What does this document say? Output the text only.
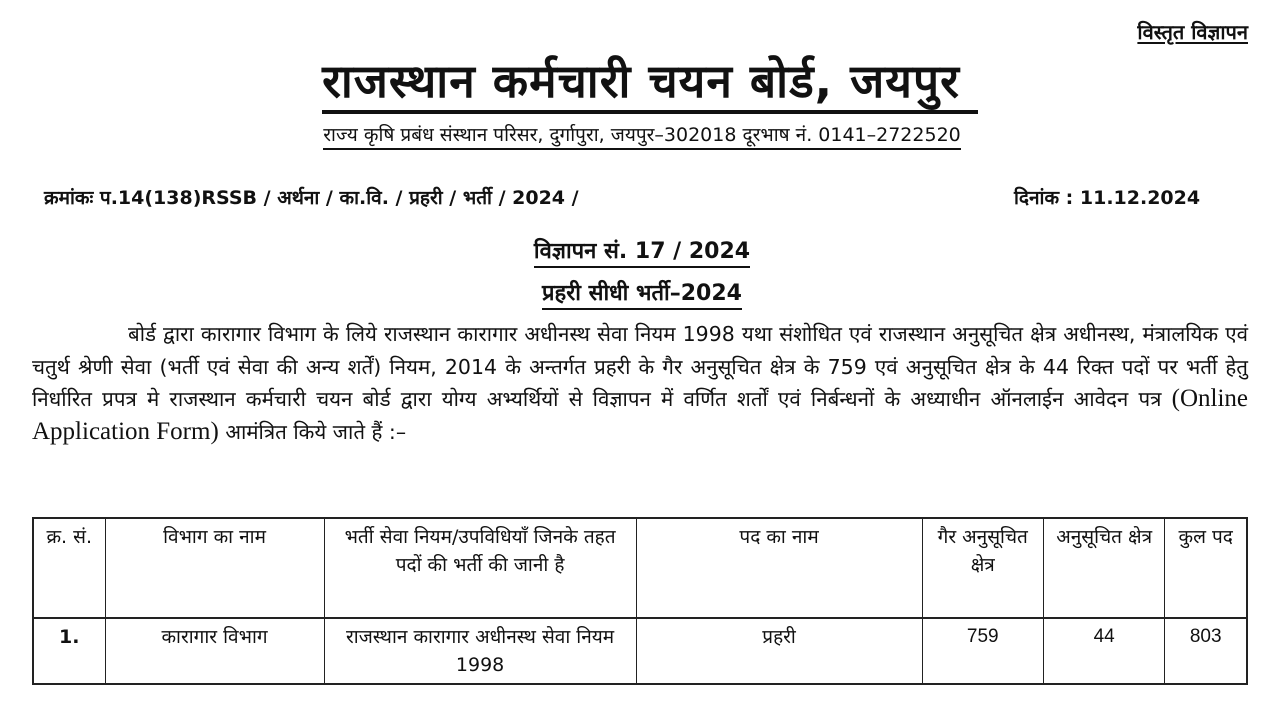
विस्तृत विज्ञापन
राजस्थान कर्मचारी चयन बोर्ड, जयपुर
राज्य कृषि प्रबंध संस्थान परिसर, दुर्गापुरा, जयपुर–302018 दूरभाष नं. 0141–2722520
क्रमांकः प.14(138)RSSB / अर्थना / का.वि. / प्रहरी / भर्ती / 2024 /	दिनांक : 11.12.2024
विज्ञापन सं. 17 / 2024
प्रहरी सीधी भर्ती–2024
बोर्ड द्वारा कारागार विभाग के लिये राजस्थान कारागार अधीनस्थ सेवा नियम 1998 यथा संशोधित एवं राजस्थान अनुसूचित क्षेत्र अधीनस्थ, मंत्रालयिक एवं चतुर्थ श्रेणी सेवा (भर्ती एवं सेवा की अन्य शर्तें) नियम, 2014 के अन्तर्गत प्रहरी के गैर अनुसूचित क्षेत्र के 759 एवं अनुसूचित क्षेत्र के 44 रिक्त पदों पर भर्ती हेतु निर्धारित प्रपत्र मे राजस्थान कर्मचारी चयन बोर्ड द्वारा योग्य अभ्यर्थियों से विज्ञापन में वर्णित शर्तों एवं निर्बन्धनों के अध्याधीन ऑनलाईन आवेदन पत्र (Online Application Form) आमंत्रित किये जाते हैं :–
क्र. सं.	विभाग का नाम	भर्ती सेवा नियम/उपविधियाँ जिनके तहत पदों की भर्ती की जानी है	पद का नाम	गैर अनुसूचित क्षेत्र	अनुसूचित क्षेत्र	कुल पद
1.	कारागार विभाग	राजस्थान कारागार अधीनस्थ सेवा नियम 1998	प्रहरी	759	44	803
